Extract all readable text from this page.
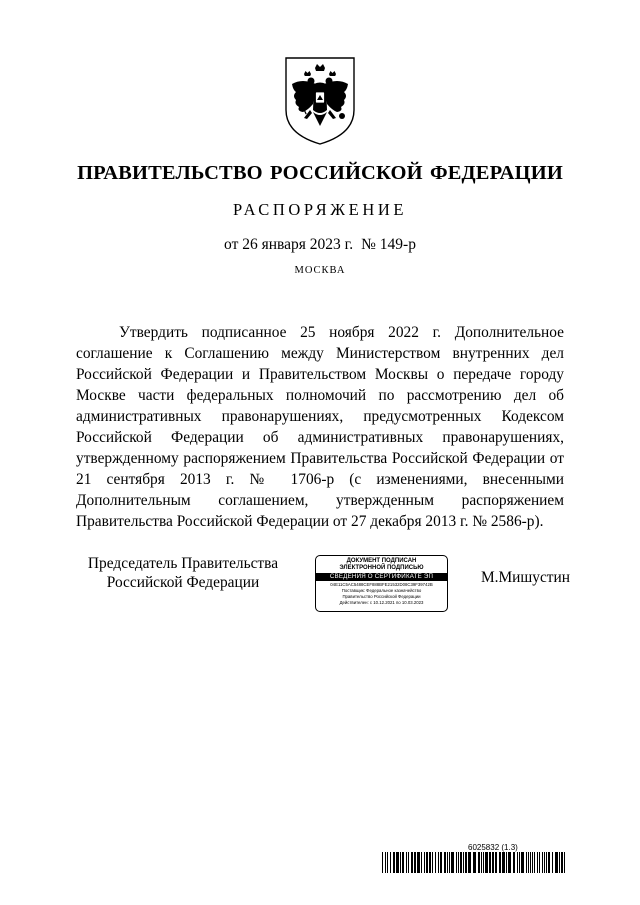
ПРАВИТЕЛЬСТВО РОССИЙСКОЙ ФЕДЕРАЦИИ
РАСПОРЯЖЕНИЕ
от 26 января 2023 г. № 149-р
МОСКВА

Утвердить подписанное 25 ноября 2022 г. Дополнительное соглашение к Соглашению между Министерством внутренних дел Российской Федерации и Правительством Москвы о передаче городу Москве части федеральных полномочий по рассмотрению дел об административных правонарушениях, предусмотренных Кодексом Российской Федерации об административных правонарушениях, утвержденному распоряжением Правительства Российской Федерации от 21 сентября 2013 г. № 1706-р (с изменениями, внесенными Дополнительным соглашением, утвержденным распоряжением Правительства Российской Федерации от 27 декабря 2013 г. № 2586-р).

Председатель Правительства
Российской Федерации
ДОКУМЕНТ ПОДПИСАН
ЭЛЕКТРОННОЙ ПОДПИСЬЮ
СВЕДЕНИЯ О СЕРТИФИКАТЕ ЭП
04E11C5AC5488CEF888BFE21532D08C39F39742B
Поставщик: Федеральное казначейство
Правительство Российской Федерации
Действителен: с 10.12.2021 по 10.03.2023
М.Мишустин
6025832 (1.3)
